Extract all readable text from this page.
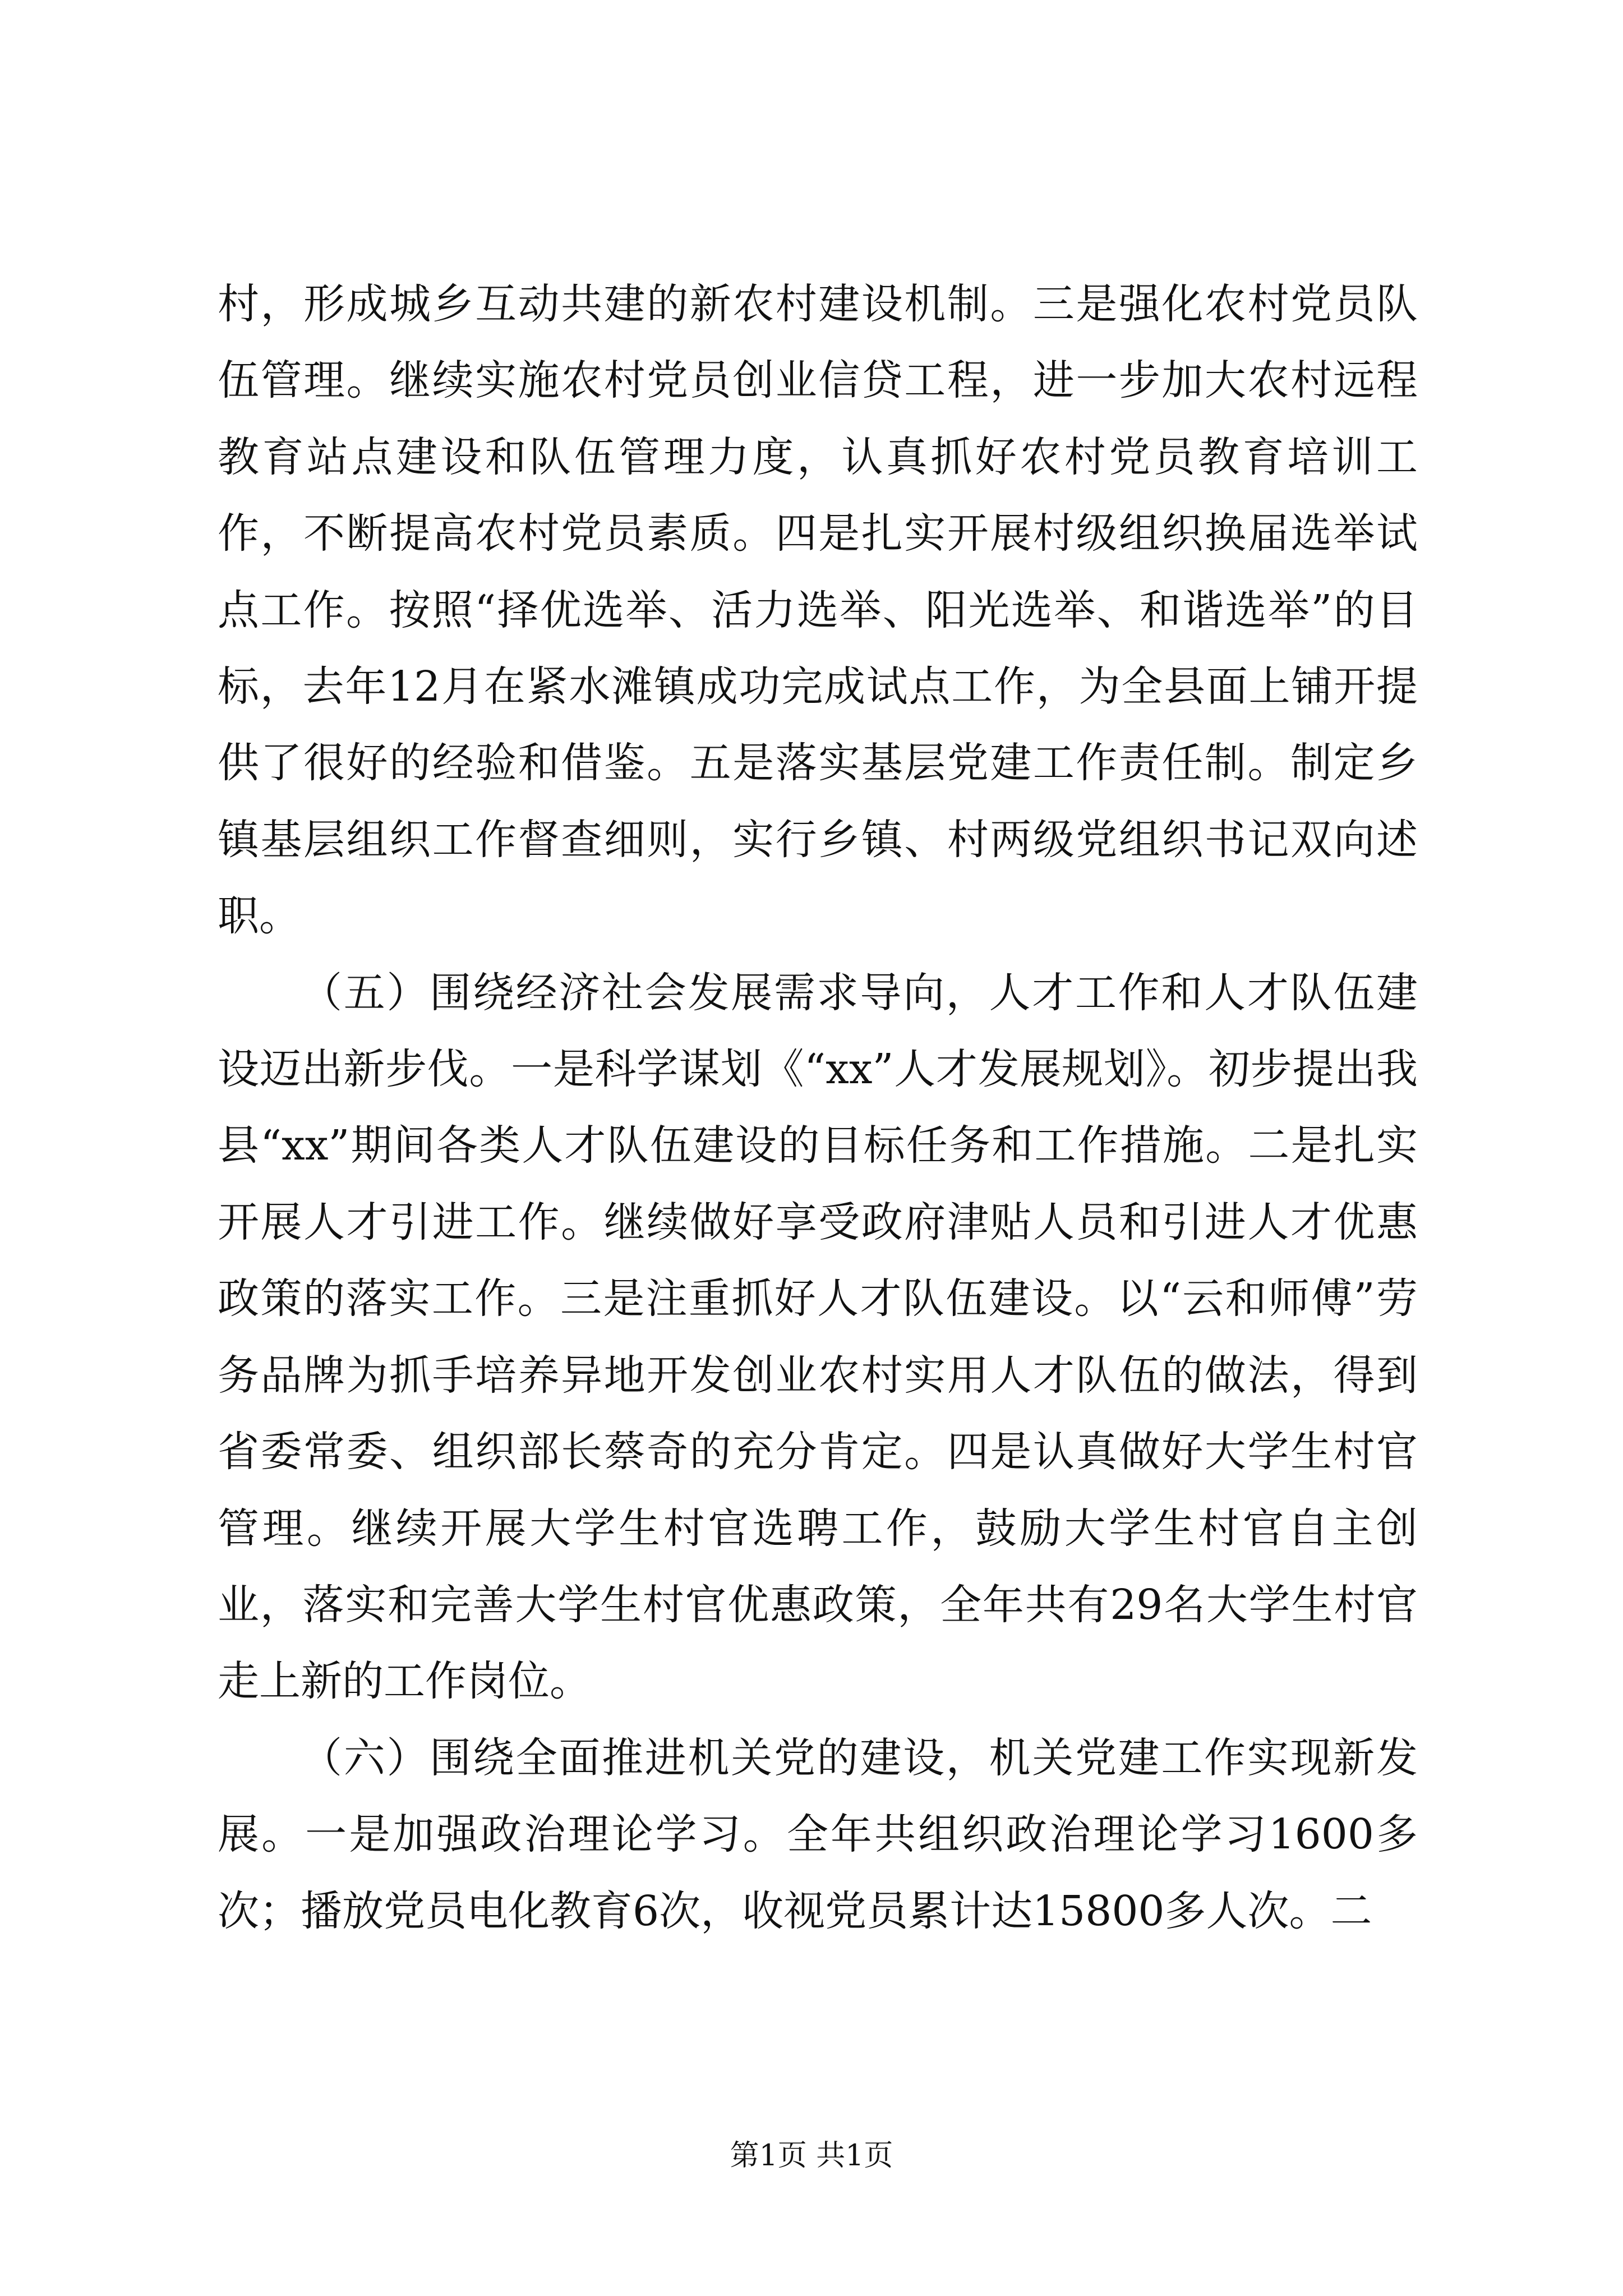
村，形成城乡互动共建的新农村建设机制。三是强化农村党员队伍管理。继续实施农村党员创业信贷工程，进一步加大农村远程教育站点建设和队伍管理力度，认真抓好农村党员教育培训工作，不断提高农村党员素质。四是扎实开展村级组织换届选举试点工作。按照“择优选举、活力选举、阳光选举、和谐选举”的目标，去年12月在紧水滩镇成功完成试点工作，为全县面上铺开提供了很好的经验和借鉴。五是落实基层党建工作责任制。制定乡镇基层组织工作督查细则，实行乡镇、村两级党组织书记双向述职。

（五）围绕经济社会发展需求导向，人才工作和人才队伍建设迈出新步伐。一是科学谋划《“xx”人才发展规划》。初步提出我县“xx”期间各类人才队伍建设的目标任务和工作措施。二是扎实开展人才引进工作。继续做好享受政府津贴人员和引进人才优惠政策的落实工作。三是注重抓好人才队伍建设。以“云和师傅”劳务品牌为抓手培养异地开发创业农村实用人才队伍的做法，得到省委常委、组织部长蔡奇的充分肯定。四是认真做好大学生村官管理。继续开展大学生村官选聘工作，鼓励大学生村官自主创业，落实和完善大学生村官优惠政策，全年共有29名大学生村官走上新的工作岗位。

（六）围绕全面推进机关党的建设，机关党建工作实现新发展。一是加强政治理论学习。全年共组织政治理论学习1600多次；播放党员电化教育6次，收视党员累计达15800多人次。二

第1页 共1页
